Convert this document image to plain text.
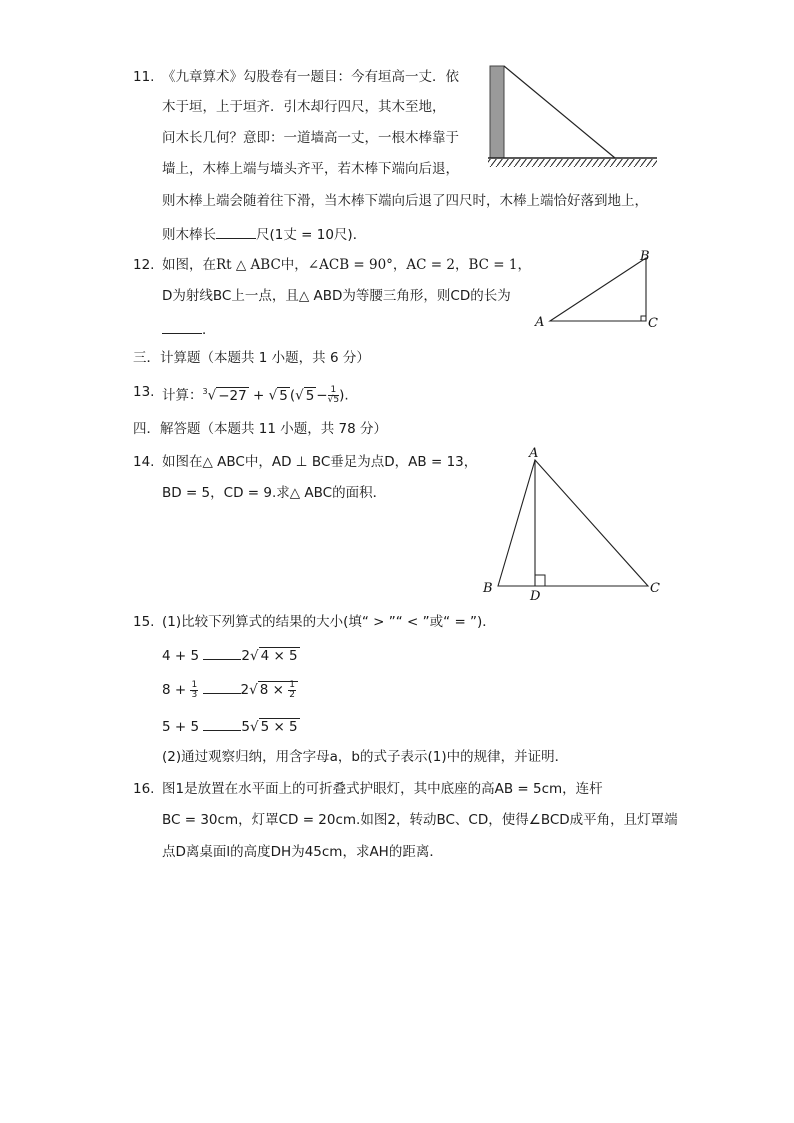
11. 《九章算术》勾股卷有一题目：今有垣高一丈．依
木于垣，上于垣齐．引木却行四尺，其木至地，
问木长几何？意即：一道墙高一丈，一根木棒靠于
墙上，木棒上端与墙头齐平，若木棒下端向后退，
则木棒上端会随着往下滑，当木棒下端向后退了四尺时，木棒上端恰好落到地上，
则木棒长	尺(1丈 = 10尺)．
12. 如图，在Rt △ ABC中，∠ACB = 90°，AC = 2，BC = 1，
D为射线BC上一点，且△ ABD为等腰三角形，则CD的长为
．	A
B
C
三．计算题（本题共 1 小题，共 6 分）
13. 计算：$^3$√ −27 + √ 5 (√ $5 - \frac{1}{√5}$ ).
四．解答题（本题共 11 小题，共 78 分）
14. 如图在△ ABC中，AD ⊥ BC垂足为点D，AB = 13，
BD = 5，CD = 9.求△ ABC的面积．
A
B	C
D
15. (1)比较下列算式的结果的大小(填“ > ”“ < ”或“ = ”)．
4 + 5	2√ 4 × 5
$8 + \frac{1}{3}$	2√ $8 \times \frac{1}{2}$
5 + 5	5√ 5 × 5
(2)通过观察归纳，用含字母a，b的式子表示(1)中的规律，并证明．
16. 图1是放置在水平面上的可折叠式护眼灯，其中底座的高AB = 5cm，连杆
BC = 30cm，灯罩CD = 20cm.如图2，转动BC、CD，使得∠BCD成平角，且灯罩端
点D离桌面l的高度DH为45cm，求AH的距离．
